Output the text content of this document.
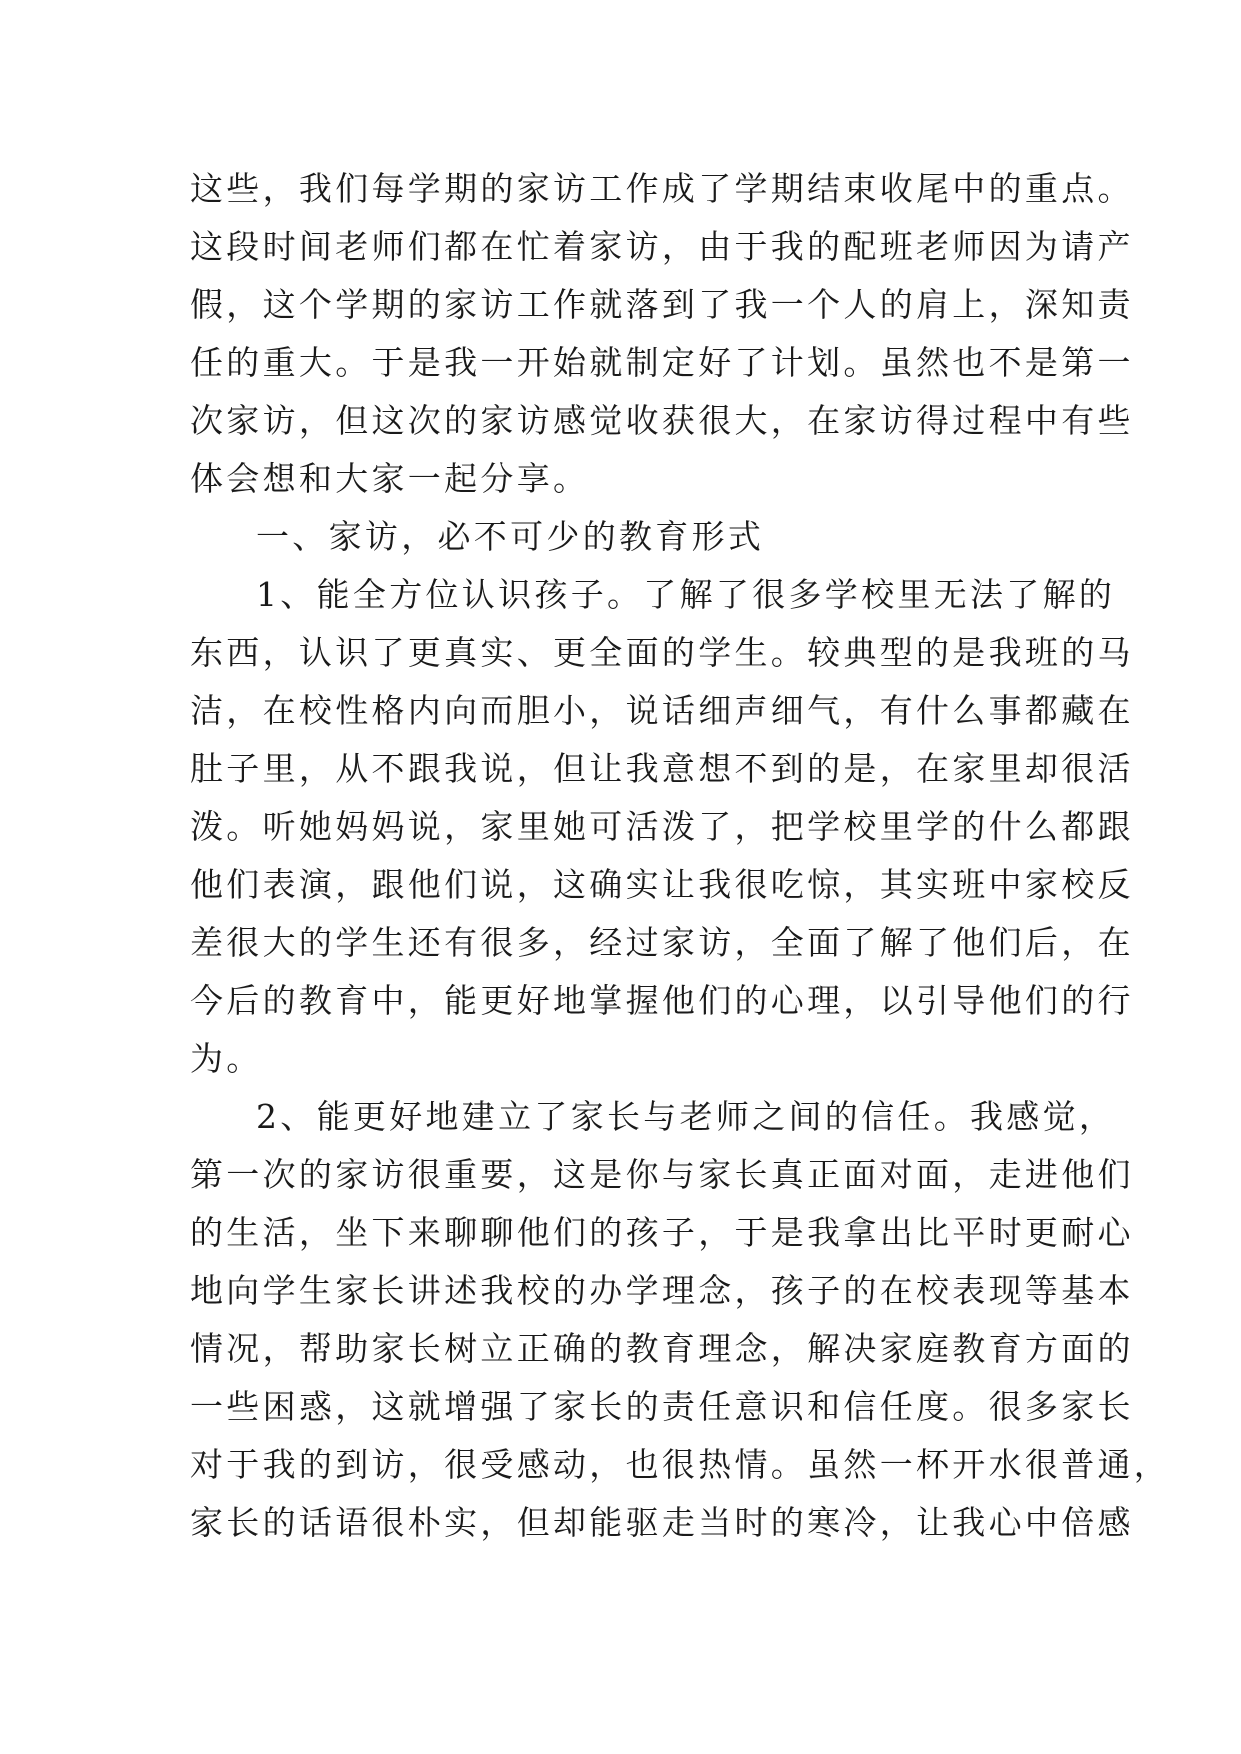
这些，我们每学期的家访工作成了学期结束收尾中的重点。
这段时间老师们都在忙着家访，由于我的配班老师因为请产
假，这个学期的家访工作就落到了我一个人的肩上，深知责
任的重大。于是我一开始就制定好了计划。虽然也不是第一
次家访，但这次的家访感觉收获很大，在家访得过程中有些
体会想和大家一起分享。
一、家访，必不可少的教育形式
1、能全方位认识孩子。了解了很多学校里无法了解的
东西，认识了更真实、更全面的学生。较典型的是我班的马
洁，在校性格内向而胆小，说话细声细气，有什么事都藏在
肚子里，从不跟我说，但让我意想不到的是，在家里却很活
泼。听她妈妈说，家里她可活泼了，把学校里学的什么都跟
他们表演，跟他们说，这确实让我很吃惊，其实班中家校反
差很大的学生还有很多，经过家访，全面了解了他们后，在
今后的教育中，能更好地掌握他们的心理，以引导他们的行
为。
2、能更好地建立了家长与老师之间的信任。我感觉，
第一次的家访很重要，这是你与家长真正面对面，走进他们
的生活，坐下来聊聊他们的孩子，于是我拿出比平时更耐心
地向学生家长讲述我校的办学理念，孩子的在校表现等基本
情况，帮助家长树立正确的教育理念，解决家庭教育方面的
一些困惑，这就增强了家长的责任意识和信任度。很多家长
对于我的到访，很受感动，也很热情。虽然一杯开水很普通，
家长的话语很朴实，但却能驱走当时的寒冷，让我心中倍感
